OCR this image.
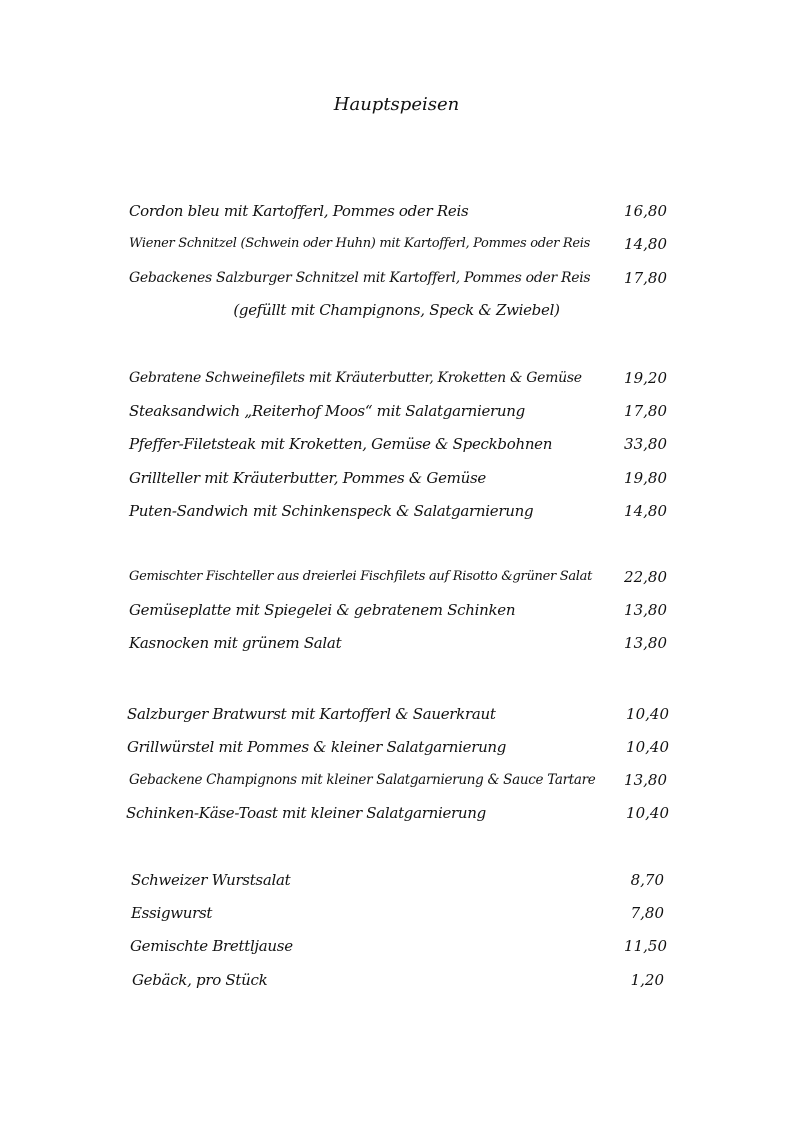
Hauptspeisen
Cordon bleu mit Kartofferl, Pommes oder Reis	16,80
Wiener Schnitzel (Schwein oder Huhn) mit Kartofferl, Pommes oder Reis	14,80
Gebackenes Salzburger Schnitzel mit Kartofferl, Pommes oder Reis	17,80
(gefüllt mit Champignons, Speck & Zwiebel)
Gebratene Schweinefilets mit Kräuterbutter, Kroketten & Gemüse	19,20
Steaksandwich „Reiterhof Moos“ mit Salatgarnierung	17,80
Pfeffer-Filetsteak mit Kroketten, Gemüse & Speckbohnen	33,80
Grillteller mit Kräuterbutter, Pommes & Gemüse	19,80
Puten-Sandwich mit Schinkenspeck & Salatgarnierung	14,80
Gemischter Fischteller aus dreierlei Fischfilets auf Risotto &grüner Salat	22,80
Gemüseplatte mit Spiegelei & gebratenem Schinken	13,80
Kasnocken mit grünem Salat	13,80
Salzburger Bratwurst mit Kartofferl & Sauerkraut	10,40
Grillwürstel mit Pommes & kleiner Salatgarnierung	10,40
Gebackene Champignons mit kleiner Salatgarnierung & Sauce Tartare	13,80
Schinken-Käse-Toast mit kleiner Salatgarnierung	10,40
Schweizer Wurstsalat	8,70
Essigwurst	7,80
Gemischte Brettljause	11,50
Gebäck, pro Stück	1,20
